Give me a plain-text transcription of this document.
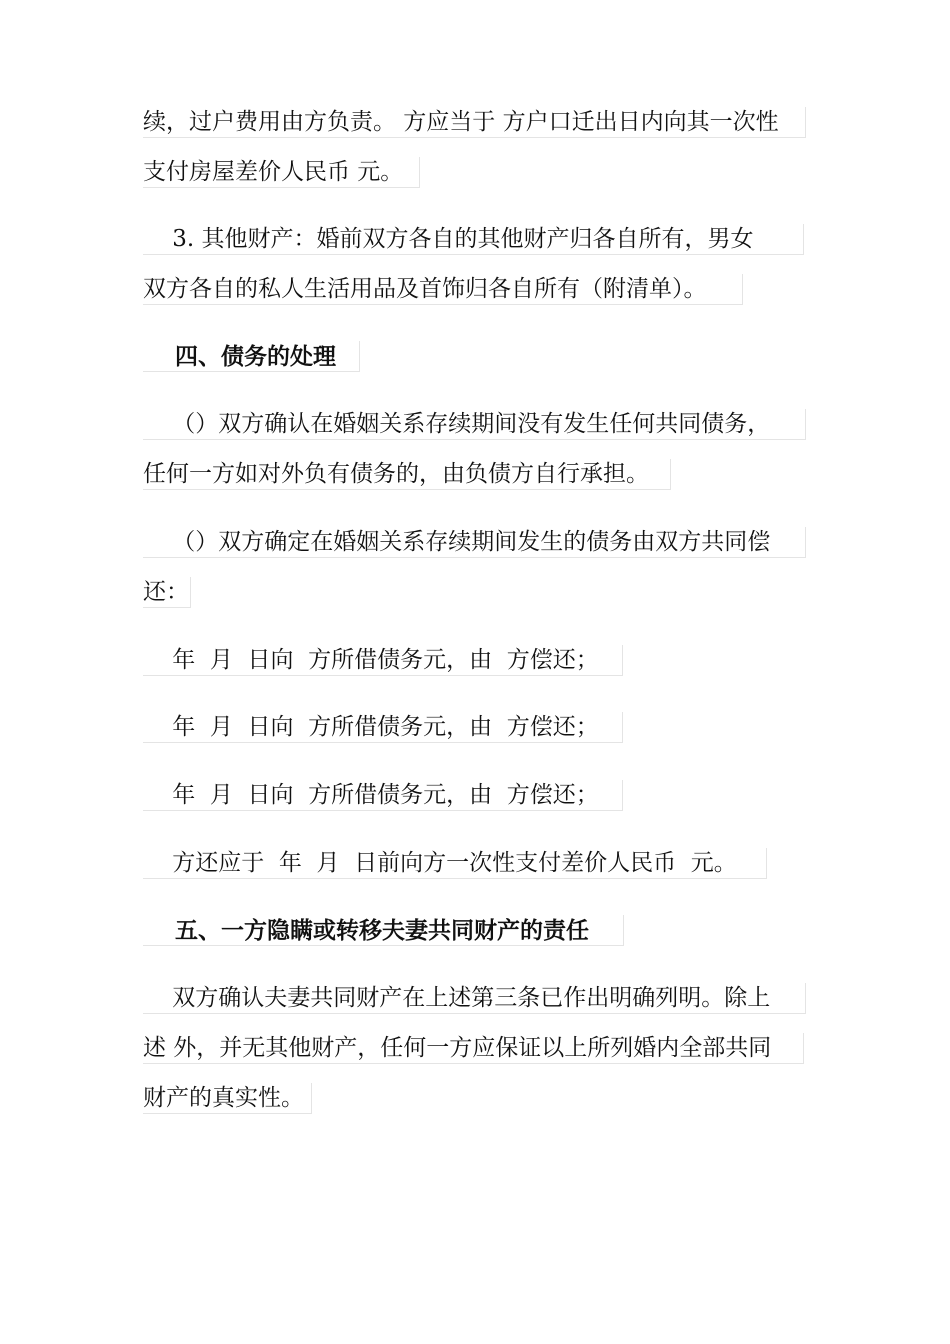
续，过户费用由方负责。 方应当于 方户口迁出日内向其一次性
支付房屋差价人民币 元。
3. 其他财产：婚前双方各自的其他财产归各自所有，男女
双方各自的私人生活用品及首饰归各自所有（附清单）。
四、债务的处理
（）双方确认在婚姻关系存续期间没有发生任何共同债务，
任何一方如对外负有债务的，由负债方自行承担。
（）双方确定在婚姻关系存续期间发生的债务由双方共同偿
还：
年  月  日向  方所借债务元，由  方偿还；
年  月  日向  方所借债务元，由  方偿还；
年  月  日向  方所借债务元，由  方偿还；
方还应于  年  月  日前向方一次性支付差价人民币  元。
五、一方隐瞒或转移夫妻共同财产的责任
双方确认夫妻共同财产在上述第三条已作出明确列明。除上
述 外，并无其他财产，任何一方应保证以上所列婚内全部共同
财产的真实性。
